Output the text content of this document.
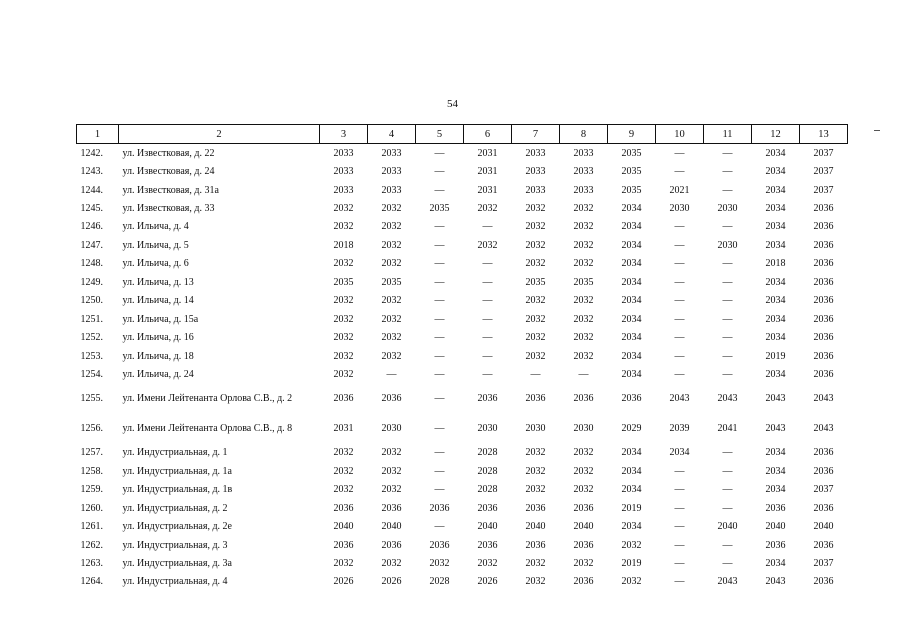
54
1	2	3	4	5	6	7	8	9	10	11	12	13
1242.	ул. Известковая, д. 22	2033	2033	—	2031	2033	2033	2035	—	—	2034	2037
1243.	ул. Известковая, д. 24	2033	2033	—	2031	2033	2033	2035	—	—	2034	2037
1244.	ул. Известковая, д. 31а	2033	2033	—	2031	2033	2033	2035	2021	—	2034	2037
1245.	ул. Известковая, д. 33	2032	2032	2035	2032	2032	2032	2034	2030	2030	2034	2036
1246.	ул. Ильича, д. 4	2032	2032	—	—	2032	2032	2034	—	—	2034	2036
1247.	ул. Ильича, д. 5	2018	2032	—	2032	2032	2032	2034	—	2030	2034	2036
1248.	ул. Ильича, д. 6	2032	2032	—	—	2032	2032	2034	—	—	2018	2036
1249.	ул. Ильича, д. 13	2035	2035	—	—	2035	2035	2034	—	—	2034	2036
1250.	ул. Ильича, д. 14	2032	2032	—	—	2032	2032	2034	—	—	2034	2036
1251.	ул. Ильича, д. 15а	2032	2032	—	—	2032	2032	2034	—	—	2034	2036
1252.	ул. Ильича, д. 16	2032	2032	—	—	2032	2032	2034	—	—	2034	2036
1253.	ул. Ильича, д. 18	2032	2032	—	—	2032	2032	2034	—	—	2019	2036
1254.	ул. Ильича, д. 24	2032	—	—	—	—	—	2034	—	—	2034	2036
1255.	ул. Имени Лейтенанта Орлова С.В., д. 2	2036	2036	—	2036	2036	2036	2036	2043	2043	2043	2043
1256.	ул. Имени Лейтенанта Орлова С.В., д. 8	2031	2030	—	2030	2030	2030	2029	2039	2041	2043	2043
1257.	ул. Индустриальная, д. 1	2032	2032	—	2028	2032	2032	2034	2034	—	2034	2036
1258.	ул. Индустриальная, д. 1а	2032	2032	—	2028	2032	2032	2034	—	—	2034	2036
1259.	ул. Индустриальная, д. 1в	2032	2032	—	2028	2032	2032	2034	—	—	2034	2037
1260.	ул. Индустриальная, д. 2	2036	2036	2036	2036	2036	2036	2019	—	—	2036	2036
1261.	ул. Индустриальная, д. 2е	2040	2040	—	2040	2040	2040	2034	—	2040	2040	2040
1262.	ул. Индустриальная, д. 3	2036	2036	2036	2036	2036	2036	2032	—	—	2036	2036
1263.	ул. Индустриальная, д. 3а	2032	2032	2032	2032	2032	2032	2019	—	—	2034	2037
1264.	ул. Индустриальная, д. 4	2026	2026	2028	2026	2032	2036	2032	—	2043	2043	2036
